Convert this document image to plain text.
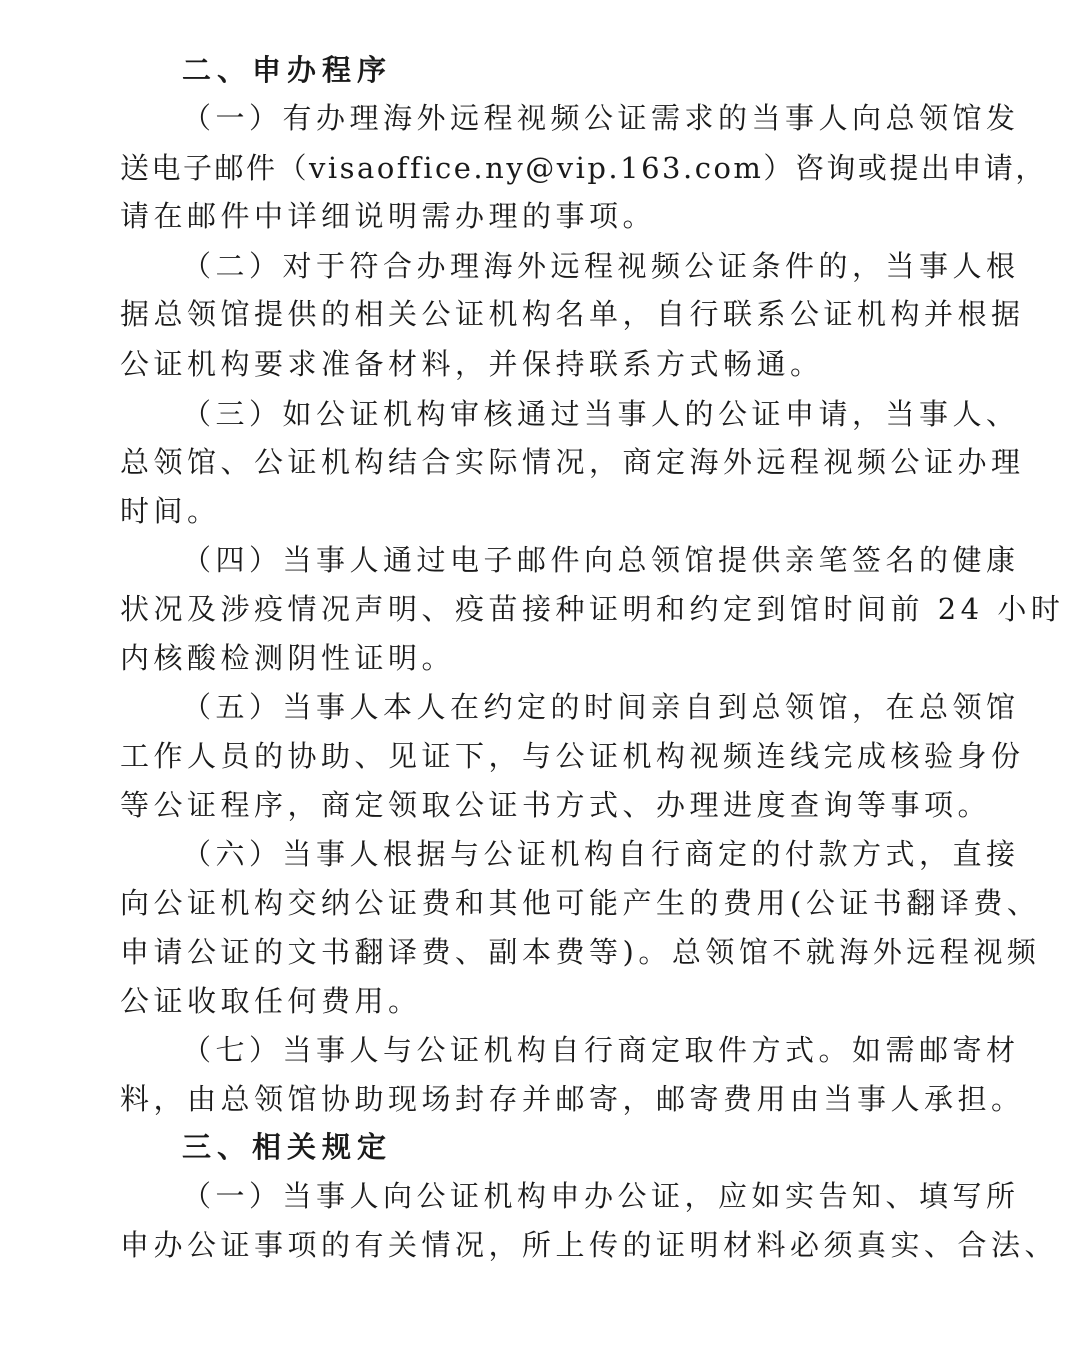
二、申办程序
（一）有办理海外远程视频公证需求的当事人向总领馆发
送电子邮件（visaoffice.ny@vip.163.com）咨询或提出申请，
请在邮件中详细说明需办理的事项。
（二）对于符合办理海外远程视频公证条件的，当事人根
据总领馆提供的相关公证机构名单，自行联系公证机构并根据
公证机构要求准备材料，并保持联系方式畅通。
（三）如公证机构审核通过当事人的公证申请，当事人、
总领馆、公证机构结合实际情况，商定海外远程视频公证办理
时间。
（四）当事人通过电子邮件向总领馆提供亲笔签名的健康
状况及涉疫情况声明、疫苗接种证明和约定到馆时间前 24 小时
内核酸检测阴性证明。
（五）当事人本人在约定的时间亲自到总领馆，在总领馆
工作人员的协助、见证下，与公证机构视频连线完成核验身份
等公证程序，商定领取公证书方式、办理进度查询等事项。
（六）当事人根据与公证机构自行商定的付款方式，直接
向公证机构交纳公证费和其他可能产生的费用(公证书翻译费、
申请公证的文书翻译费、副本费等)。总领馆不就海外远程视频
公证收取任何费用。
（七）当事人与公证机构自行商定取件方式。如需邮寄材
料，由总领馆协助现场封存并邮寄，邮寄费用由当事人承担。
三、相关规定
（一）当事人向公证机构申办公证，应如实告知、填写所
申办公证事项的有关情况，所上传的证明材料必须真实、合法、
